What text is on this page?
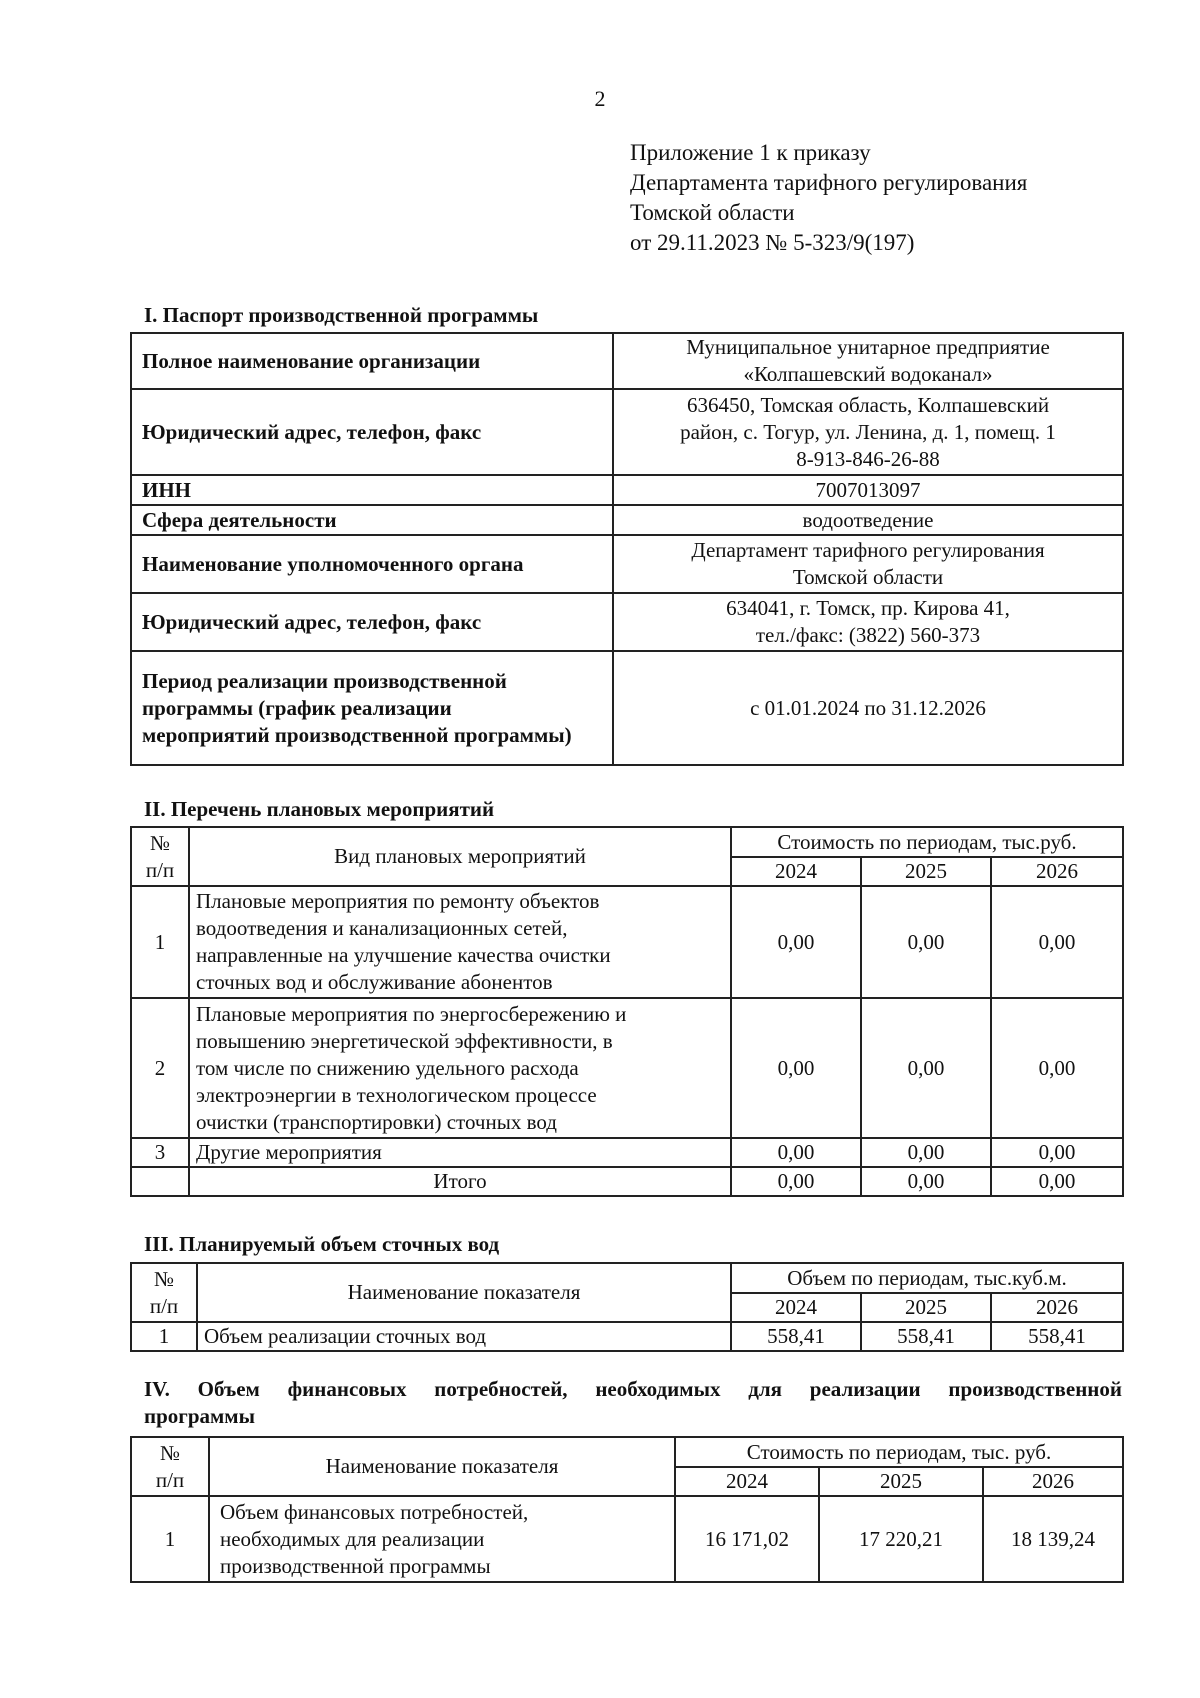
2
Приложение 1 к приказу
Департамента тарифного регулирования
Томской области
от 29.11.2023 № 5-323/9(197)
I. Паспорт производственной программы
Полное наименование организации	Муниципальное унитарное предприятие
«Колпашевский водоканал»

Юридический адрес, телефон, факс	636450, Томская область, Колпашевский
район, с. Тогур, ул. Ленина, д. 1, помещ. 1
8-913-846-26-88

ИНН	7007013097

Сфера деятельности	водоотведение

Наименование уполномоченного органа	Департамент тарифного регулирования
Томской области

Юридический адрес, телефон, факс	634041, г. Томск, пр. Кирова 41,
тел./факс: (3822) 560-373

Период реализации производственной программы (график реализации мероприятий производственной программы)	с 01.01.2024 по 31.12.2026
II. Перечень плановых мероприятий
№
п/п	Вид плановых мероприятий	Стоимость по периодам, тыс.руб.		
		2024	2025	2026
1	Плановые мероприятия по ремонту объектов
водоотведения и канализационных сетей,
направленные на улучшение качества очистки
сточных вод и обслуживание абонентов	0,00	0,00	0,00
2	Плановые мероприятия по энергосбережению и
повышению энергетической эффективности, в
том числе по снижению удельного расхода
электроэнергии в технологическом процессе
очистки (транспортировки) сточных вод	0,00	0,00	0,00
3	Другие мероприятия	0,00	0,00	0,00
	Итого	0,00	0,00	0,00
III. Планируемый объем сточных вод
№
п/п	Наименование показателя	Объем по периодам, тыс.куб.м.		
		2024	2025	2026
1	Объем реализации сточных вод	558,41	558,41	558,41
IV. Объем финансовых потребностей, необходимых для реализации производственной
программы
№
п/п	Наименование показателя	Стоимость по периодам, тыс. руб.		
		2024	2025	2026
1	Объем финансовых потребностей,
необходимых для реализации
производственной программы	16 171,02	17 220,21	18 139,24
